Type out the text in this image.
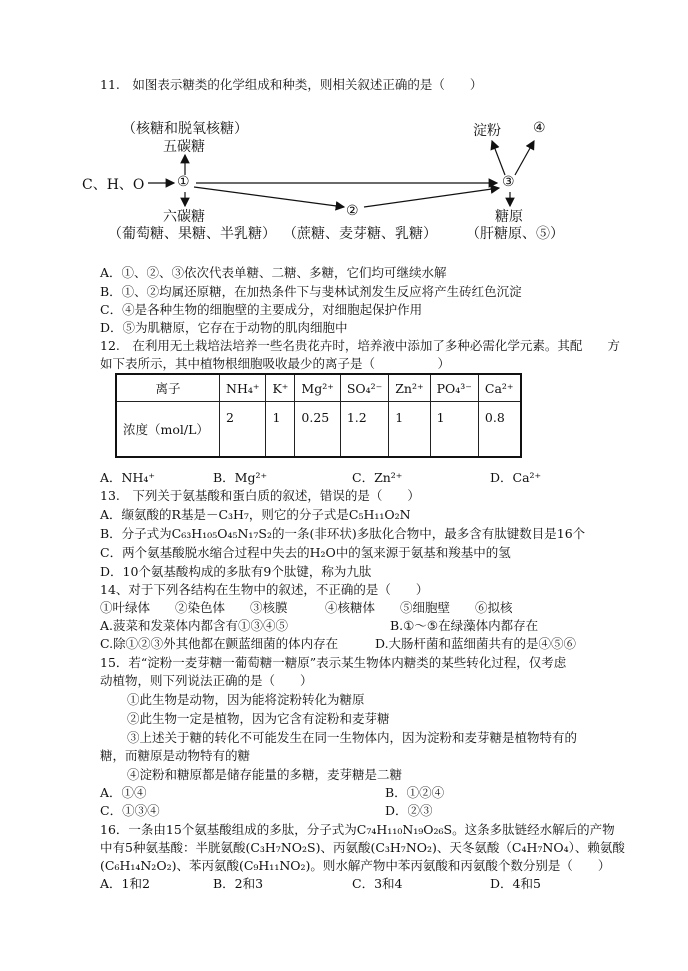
11.　如图表示糖类的化学组成和种类，则相关叙述正确的是（　　）
（核糖和脱氧核糖）
五碳糖
C、H、O ①
六碳糖
（葡萄糖、果糖、半乳糖）
②
（蔗糖、麦芽糖、乳糖）
③
淀粉 ④
糖原
（肝糖原、⑤）
A．①、②、③依次代表单糖、二糖、多糖，它们均可继续水解
B．①、②均属还原糖，在加热条件下与斐林试剂发生反应将产生砖红色沉淀
C．④是各种生物的细胞壁的主要成分，对细胞起保护作用
D．⑤为肌糖原，它存在于动物的肌肉细胞中
12.　在利用无土栽培法培养一些名贵花卉时，培养液中添加了多种必需化学元素。其配　　方
如下表所示，其中植物根细胞吸收最少的离子是（　　　　　）
离子	NH₄⁺	K⁺	Mg²⁺	SO₄²⁻	Zn²⁺	PO₄³⁻	Ca²⁺
浓度（mol/L）	2	1	0.25	1.2	1	1	0.8
A．NH₄⁺	B．Mg²⁺	C．Zn²⁺	D．Ca²⁺
13.　下列关于氨基酸和蛋白质的叙述，错误的是（　　）
A．缬氨酸的R基是－C₃H₇，则它的分子式是C₅H₁₁O₂N
B．分子式为C₆₃H₁₀₅O₄₅N₁₇S₂的一条(非环状)多肽化合物中，最多含有肽键数目是16个
C．两个氨基酸脱水缩合过程中失去的H₂O中的氢来源于氨基和羧基中的氢
D．10个氨基酸构成的多肽有9个肽键，称为九肽
14、对于下列各结构在生物中的叙述，不正确的是（　　）
①叶绿体　　②染色体　　③核膜　　　④核糖体　　⑤细胞壁　　⑥拟核
A.菠菜和发菜体内都含有①③④⑤	B.①～⑤在绿藻体内都存在
C.除①②③外其他都在颤蓝细菌的体内存在	D.大肠杆菌和蓝细菌共有的是④⑤⑥
15．若“淀粉一麦芽糖一葡萄糖一糖原”表示某生物体内糖类的某些转化过程，仅考虑
动植物，则下列说法正确的是（　　）
①此生物是动物，因为能将淀粉转化为糖原
②此生物一定是植物，因为它含有淀粉和麦芽糖
③上述关于糖的转化不可能发生在同一生物体内，因为淀粉和麦芽糖是植物特有的
糖，而糖原是动物特有的糖
④淀粉和糖原都是储存能量的多糖，麦芽糖是二糖
A．①④	B．①②④
C．①③④	D．②③
16．一条由15个氨基酸组成的多肽，分子式为C₇₄H₁₁₀N₁₉O₂₆S。这条多肽链经水解后的产物
中有5种氨基酸：半胱氨酸(C₃H₇NO₂S)、丙氨酸(C₃H₇NO₂)、天冬氨酸（C₄H₇NO₄）、赖氨酸
(C₆H₁₄N₂O₂)、苯丙氨酸(C₉H₁₁NO₂)。则水解产物中苯丙氨酸和丙氨酸个数分别是（　　）
A．1和2	B．2和3	C．3和4	D．4和5
